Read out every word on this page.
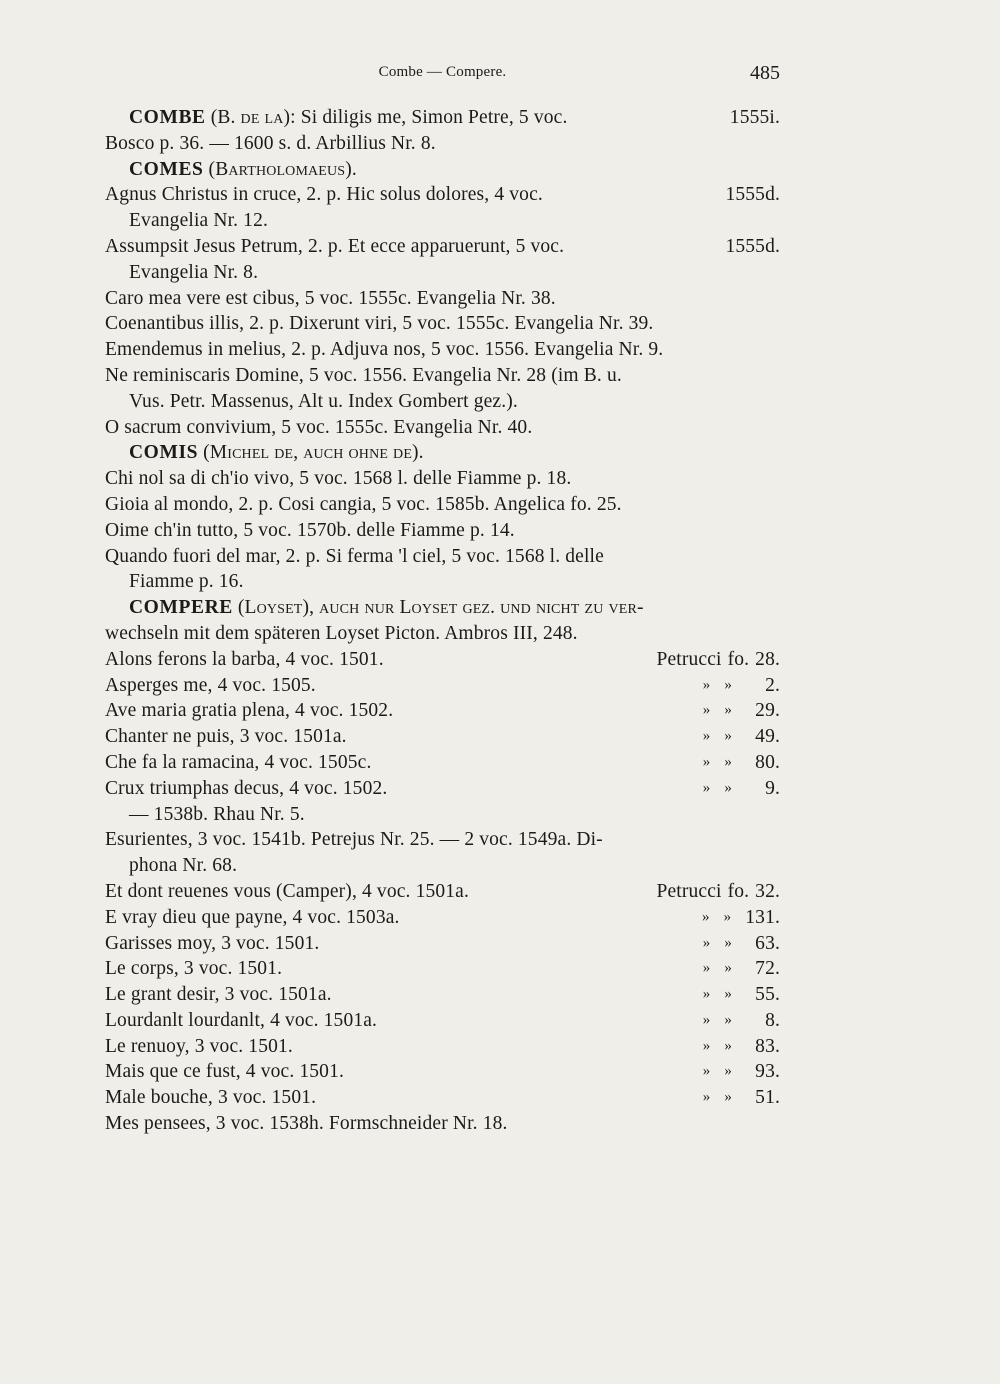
Combe — Compere.	485
COMBE (B. de la): Si diligis me, Simon Petre, 5 voc.	1555i.
Bosco p. 36. — 1600 s. d. Arbillius Nr. 8.
COMES (Bartholomaeus).
Agnus Christus in cruce, 2. p. Hic solus dolores, 4 voc.	1555d.
Evangelia Nr. 12.
Assumpsit Jesus Petrum, 2. p. Et ecce apparuerunt, 5 voc.	1555d.
Evangelia Nr. 8.
Caro mea vere est cibus, 5 voc. 1555c. Evangelia Nr. 38.
Coenantibus illis, 2. p. Dixerunt viri, 5 voc. 1555c. Evangelia Nr. 39.
Emendemus in melius, 2. p. Adjuva nos, 5 voc. 1556. Evangelia Nr. 9.
Ne reminiscaris Domine, 5 voc. 1556. Evangelia Nr. 28 (im B. u.
Vus. Petr. Massenus, Alt u. Index Gombert gez.).
O sacrum convivium, 5 voc. 1555c. Evangelia Nr. 40.
COMIS (Michel de, auch ohne de).
Chi nol sa di ch'io vivo, 5 voc. 1568 l. delle Fiamme p. 18.
Gioia al mondo, 2. p. Cosi cangia, 5 voc. 1585b. Angelica fo. 25.
Oime ch'in tutto, 5 voc. 1570b. delle Fiamme p. 14.
Quando fuori del mar, 2. p. Si ferma 'l ciel, 5 voc. 1568 l. delle
Fiamme p. 16.
COMPERE (Loyset), auch nur Loyset gez. und nicht zu ver-
wechseln mit dem späteren Loyset Picton. Ambros III, 248.
Alons ferons la barba, 4 voc. 1501.	Petrucci fo. 28.
Asperges me, 4 voc. 1505.	» »	2.
Ave maria gratia plena, 4 voc. 1502.	» »	29.
Chanter ne puis, 3 voc. 1501a.	» »	49.
Che fa la ramacina, 4 voc. 1505c.	» »	80.
Crux triumphas decus, 4 voc. 1502.	» »	9.
— 1538b. Rhau Nr. 5.
Esurientes, 3 voc. 1541b. Petrejus Nr. 25. — 2 voc. 1549a. Di-
phona Nr. 68.
Et dont reuenes vous (Camper), 4 voc. 1501a.	Petrucci fo. 32.
E vray dieu que payne, 4 voc. 1503a.	» » 131.
Garisses moy, 3 voc. 1501.	» »	63.
Le corps, 3 voc. 1501.	» »	72.
Le grant desir, 3 voc. 1501a.	» »	55.
Lourdanlt lourdanlt, 4 voc. 1501a.	» »	8.
Le renuoy, 3 voc. 1501.	» »	83.
Mais que ce fust, 4 voc. 1501.	» »	93.
Male bouche, 3 voc. 1501.	» »	51.
Mes pensees, 3 voc. 1538h. Formschneider Nr. 18.
